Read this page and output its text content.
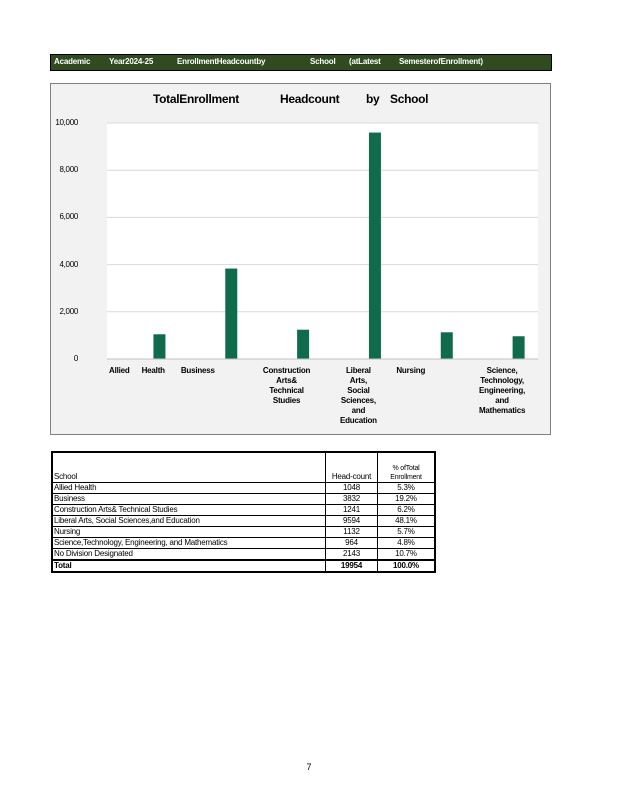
Academic Year2024-25	EnrollmentHeadcountby	School (atLatest SemesterofEnrollment)
TotalEnrollment	Headcount by School
10,000
8,000
6,000
4,000
2,000
0
Allied Health	Business	Construction
Arts&
Technical
Studies
Liberal
Arts,
Social
Sciences,
and
Education
Nursing	Science,
Technology,
Engineering,
and
Mathematics
School	Head-count	% ofTotal
Enrollment

Allied Health	1048	5.3%
Business	3832	19.2%
Construction Arts& Technical Studies	1241	6.2%
Liberal Arts, Social Sciences,and Education	9594	48.1%
Nursing	1132	5.7%
Science,Technology, Engineering, and Mathematics	964	4.8%
No Division Designated	2143	10.7%
Total	19954	100.0%
7
